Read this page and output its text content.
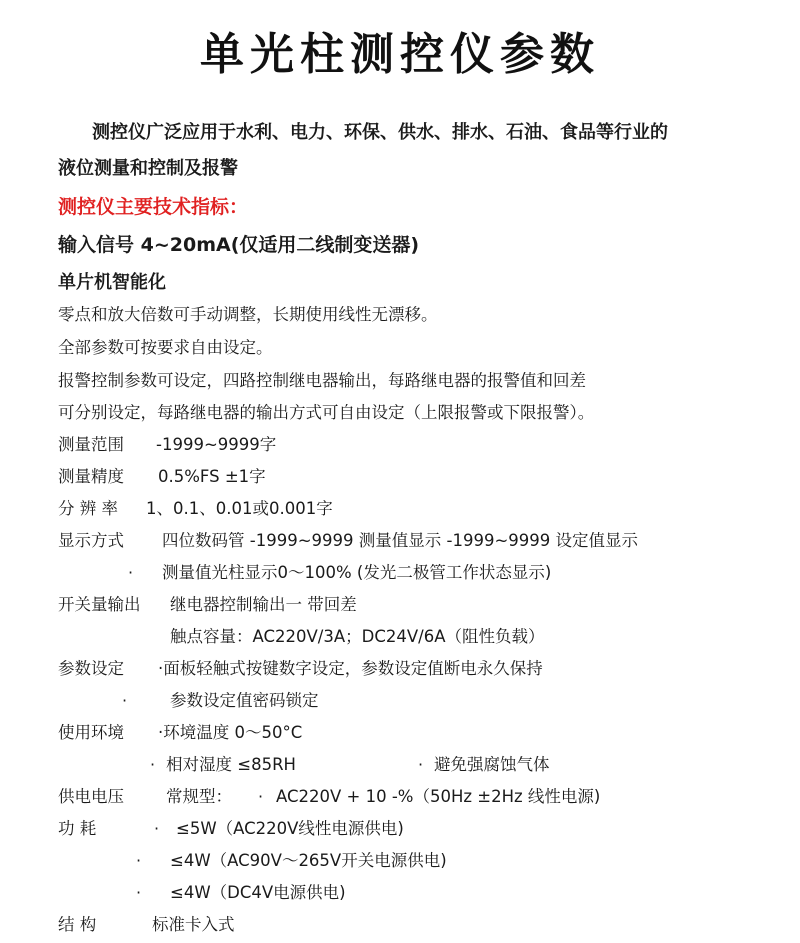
单光柱测控仪参数
测控仪广泛应用于水利、电力、环保、供水、排水、石油、食品等行业的
液位测量和控制及报警
测控仪主要技术指标：
输入信号 4~20mA(仅适用二线制变送器)
单片机智能化
零点和放大倍数可手动调整，长期使用线性无漂移。
全部参数可按要求自由设定。
报警控制参数可设定，四路控制继电器输出，每路继电器的报警值和回差
可分别设定，每路继电器的输出方式可自由设定（上限报警或下限报警）。
测量范围 -1999~9999字
测量精度 0.5%FS ±1字
分 辨 率 1、0.1、0.01或0.001字
显示方式 四位数码管 -1999~9999 测量值显示 -1999~9999 设定值显示
· 测量值光柱显示0～100% (发光二极管工作状态显示)
开关量输出 继电器控制输出一 带回差
触点容量：AC220V/3A；DC24V/6A（阻性负载）
参数设定 ·面板轻触式按键数字设定，参数设定值断电永久保持
·	参数设定值密码锁定
使用环境 ·环境温度 0～50°C
· 相对湿度 ≤85RH	· 避免强腐蚀气体
供电电压	常规型： · AC220V + 10 -%（50Hz ±2Hz 线性电源)
功 耗	· ≤5W（AC220V线性电源供电)
· ≤4W（AC90V～265V开关电源供电)
· ≤4W（DC4V电源供电)
结 构	标准卡入式
